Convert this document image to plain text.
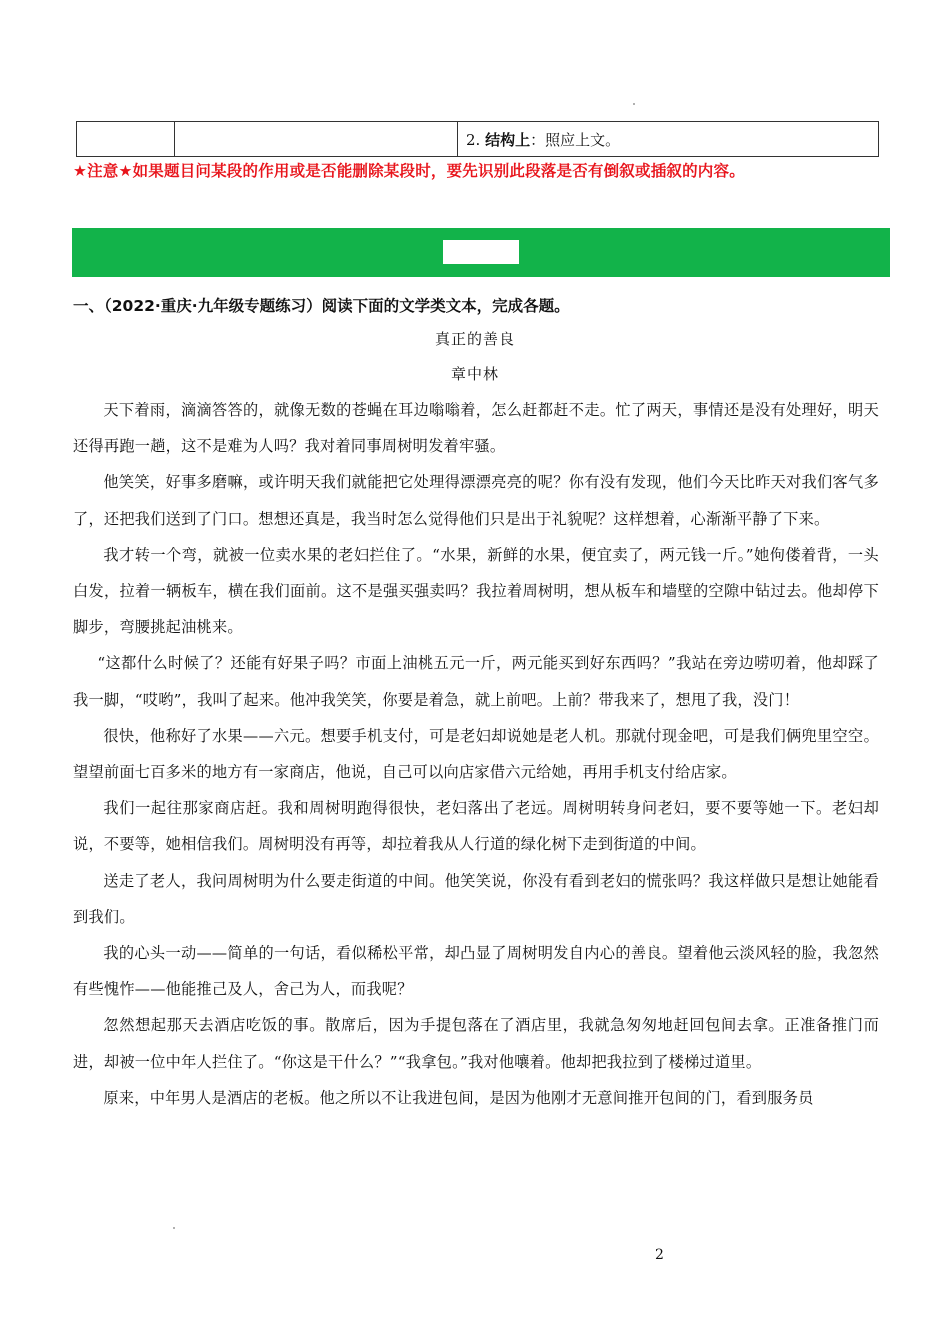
		2. 结构上：照应上文。
★注意★如果题目问某段的作用或是否能删除某段时，要先识别此段落是否有倒叙或插叙的内容。
一、（2022·重庆·九年级专题练习）阅读下面的文学类文本，完成各题。
真正的善良
章中林

天下着雨，滴滴答答的，就像无数的苍蝇在耳边嗡嗡着，怎么赶都赶不走。忙了两天，事情还是没有处理好，明天还得再跑一趟，这不是难为人吗？我对着同事周树明发着牢骚。

他笑笑，好事多磨嘛，或许明天我们就能把它处理得漂漂亮亮的呢？你有没有发现，他们今天比昨天对我们客气多了，还把我们送到了门口。想想还真是，我当时怎么觉得他们只是出于礼貌呢？这样想着，心渐渐平静了下来。

我才转一个弯，就被一位卖水果的老妇拦住了。“水果，新鲜的水果，便宜卖了，两元钱一斤。”她佝偻着背，一头白发，拉着一辆板车，横在我们面前。这不是强买强卖吗？我拉着周树明，想从板车和墙壁的空隙中钻过去。他却停下脚步，弯腰挑起油桃来。

“这都什么时候了？还能有好果子吗？市面上油桃五元一斤，两元能买到好东西吗？”我站在旁边唠叨着，他却踩了我一脚，“哎哟”，我叫了起来。他冲我笑笑，你要是着急，就上前吧。上前？带我来了，想甩了我，没门！

很快，他称好了水果——六元。想要手机支付，可是老妇却说她是老人机。那就付现金吧，可是我们俩兜里空空。望望前面七百多米的地方有一家商店，他说，自己可以向店家借六元给她，再用手机支付给店家。

我们一起往那家商店赶。我和周树明跑得很快，老妇落出了老远。周树明转身问老妇，要不要等她一下。老妇却说，不要等，她相信我们。周树明没有再等，却拉着我从人行道的绿化树下走到街道的中间。

送走了老人，我问周树明为什么要走街道的中间。他笑笑说，你没有看到老妇的慌张吗？我这样做只是想让她能看到我们。

我的心头一动——简单的一句话，看似稀松平常，却凸显了周树明发自内心的善良。望着他云淡风轻的脸，我忽然有些愧怍——他能推己及人，舍己为人，而我呢？

忽然想起那天去酒店吃饭的事。散席后，因为手提包落在了酒店里，我就急匆匆地赶回包间去拿。正准备推门而进，却被一位中年人拦住了。“你这是干什么？”“我拿包。”我对他嚷着。他却把我拉到了楼梯过道里。

原来，中年男人是酒店的老板。他之所以不让我进包间，是因为他刚才无意间推开包间的门，看到服务员

2
